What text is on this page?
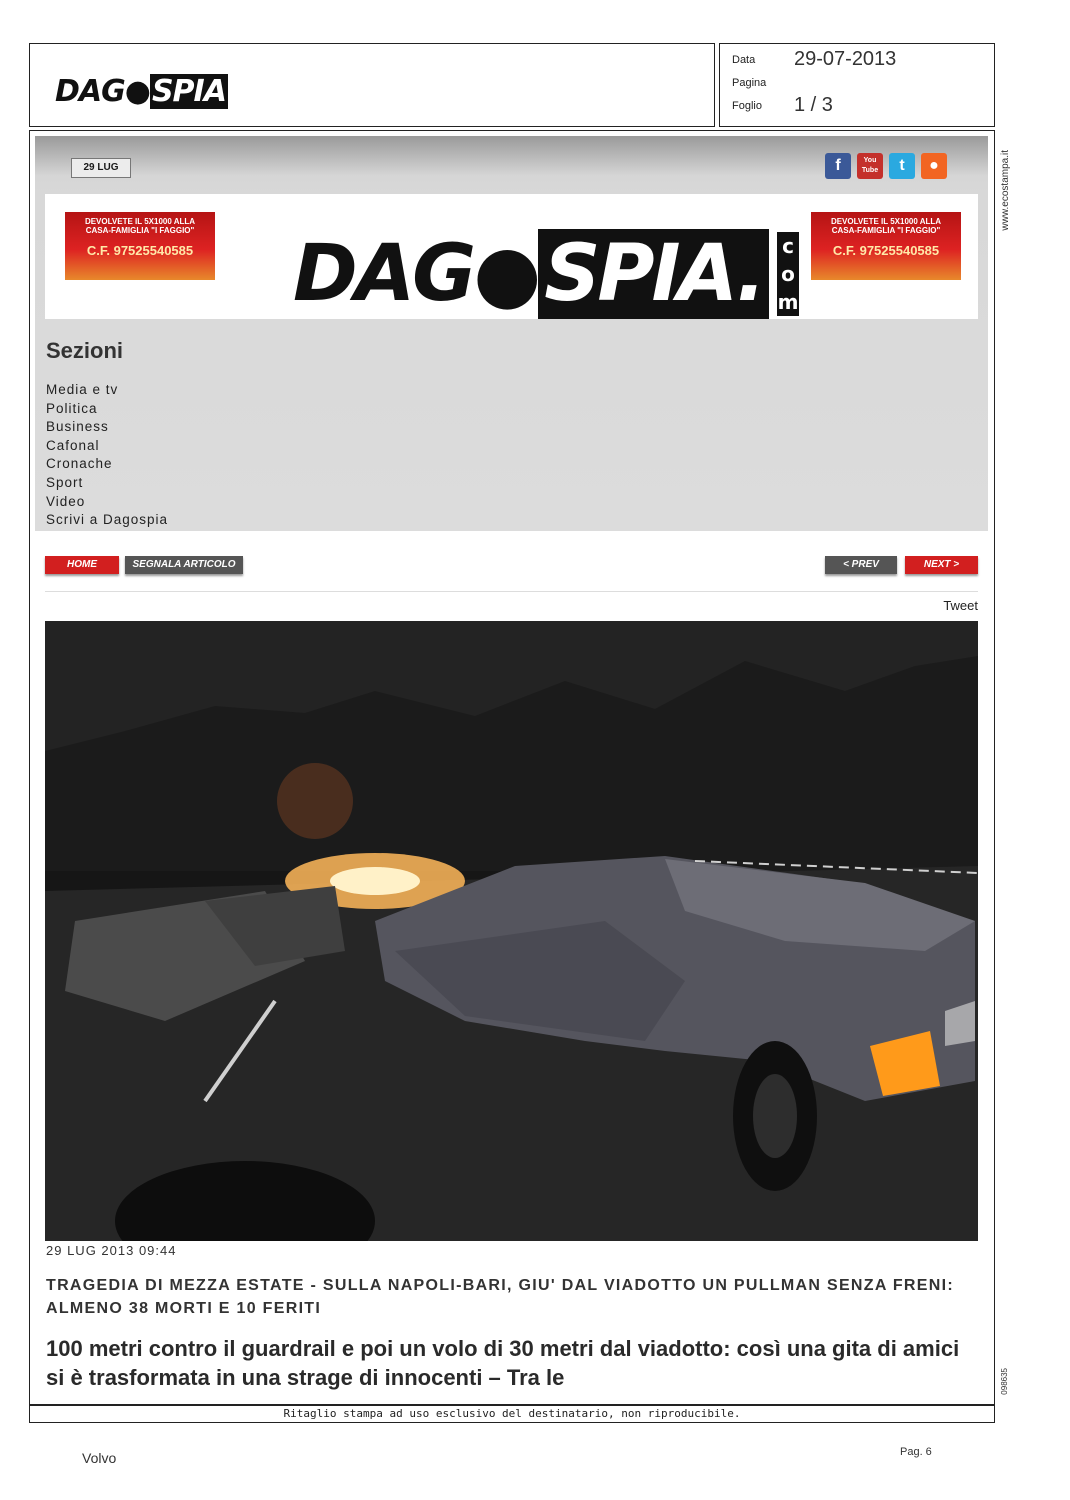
DAG●SPIA
Data 29-07-2013
Pagina
Foglio 1 / 3
29 LUG	f	You Tube	t	●
DEVOLVETE IL 5X1000 ALLA
CASA-FAMIGLIA "I FAGGIO"
C.F. 97525540585 DAG●SPIA. c
o
m
DEVOLVETE IL 5X1000 ALLA
CASA-FAMIGLIA "I FAGGIO"
C.F. 97525540585
Sezioni
Media e tv
Politica
Business
Cafonal
Cronache
Sport
Video
Scrivi a Dagospia
HOME	SEGNALA ARTICOLO	< PREV	NEXT >
Tweet
29 LUG 2013 09:44
TRAGEDIA DI MEZZA ESTATE - SULLA NAPOLI-BARI, GIU' DAL VIADOTTO UN PULLMAN SENZA FRENI: ALMENO 38 MORTI E 10 FERITI
100 metri contro il guardrail e poi un volo di 30 metri dal viadotto: così una gita di amici si è trasformata in una strage di innocenti – Tra le
www.ecostampa.it
098635
Ritaglio stampa ad uso esclusivo del destinatario, non riproducibile.
Volvo	Pag. 6
